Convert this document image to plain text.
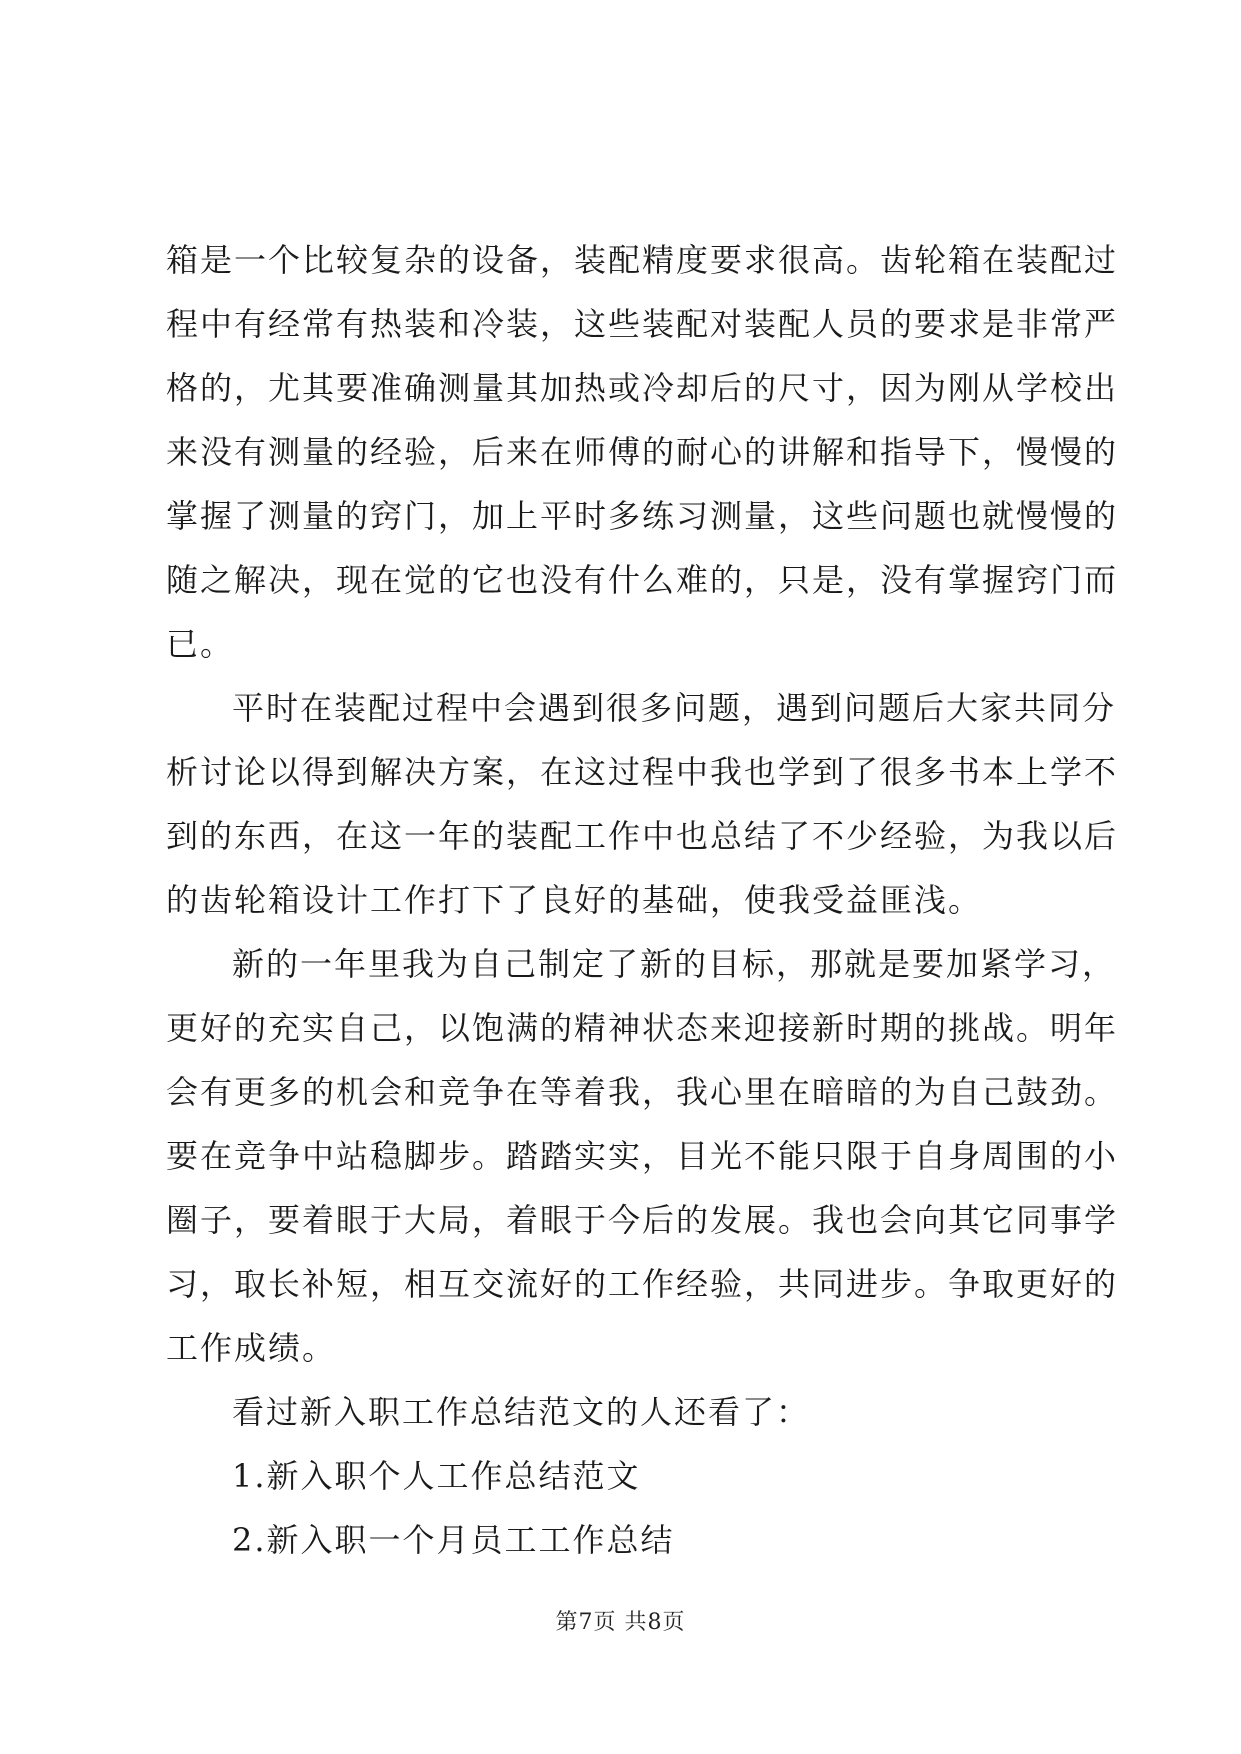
箱是一个比较复杂的设备，装配精度要求很高。齿轮箱在装配过
程中有经常有热装和冷装，这些装配对装配人员的要求是非常严
格的，尤其要准确测量其加热或冷却后的尺寸，因为刚从学校出
来没有测量的经验，后来在师傅的耐心的讲解和指导下，慢慢的
掌握了测量的窍门，加上平时多练习测量，这些问题也就慢慢的
随之解决，现在觉的它也没有什么难的，只是，没有掌握窍门而
已。
平时在装配过程中会遇到很多问题，遇到问题后大家共同分
析讨论以得到解决方案，在这过程中我也学到了很多书本上学不
到的东西，在这一年的装配工作中也总结了不少经验，为我以后
的齿轮箱设计工作打下了良好的基础，使我受益匪浅。
新的一年里我为自己制定了新的目标，那就是要加紧学习，
更好的充实自己，以饱满的精神状态来迎接新时期的挑战。明年
会有更多的机会和竞争在等着我，我心里在暗暗的为自己鼓劲。
要在竞争中站稳脚步。踏踏实实，目光不能只限于自身周围的小
圈子，要着眼于大局，着眼于今后的发展。我也会向其它同事学
习，取长补短，相互交流好的工作经验，共同进步。争取更好的
工作成绩。
看过新入职工作总结范文的人还看了：
1.新入职个人工作总结范文
2.新入职一个月员工工作总结
第7页 共8页
